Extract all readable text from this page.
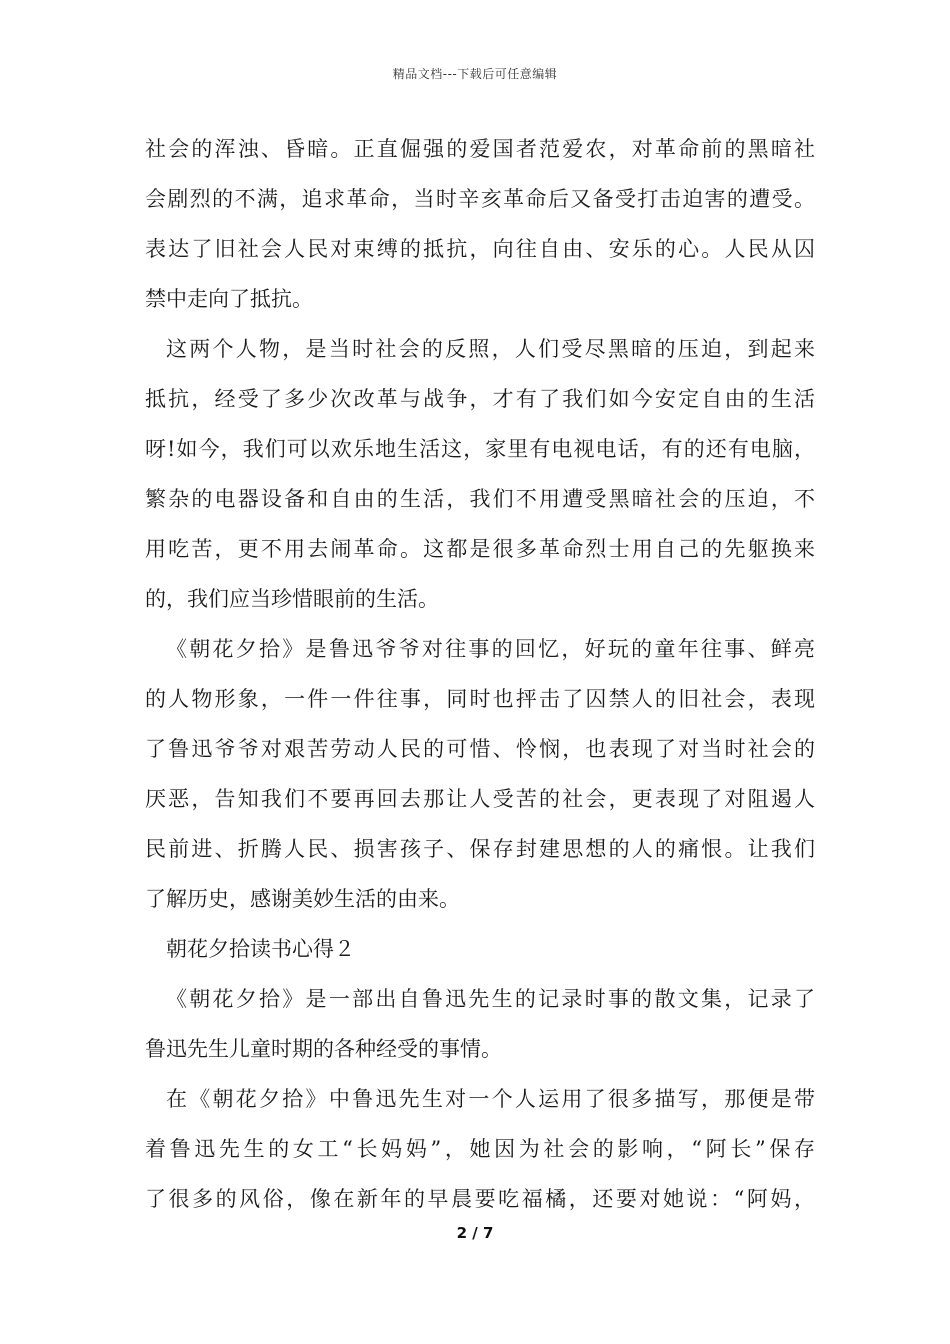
精品文档---下载后可任意编辑
社会的浑浊、昏暗。正直倔强的爱国者范爱农，对革命前的黑暗社
会剧烈的不满，追求革命，当时辛亥革命后又备受打击迫害的遭受。
表达了旧社会人民对束缚的抵抗，向往自由、安乐的心。人民从囚
禁中走向了抵抗。
这两个人物，是当时社会的反照，人们受尽黑暗的压迫，到起来
抵抗，经受了多少次改革与战争，才有了我们如今安定自由的生活
呀!如今，我们可以欢乐地生活这，家里有电视电话，有的还有电脑，
繁杂的电器设备和自由的生活，我们不用遭受黑暗社会的压迫，不
用吃苦，更不用去闹革命。这都是很多革命烈士用自己的先躯换来
的，我们应当珍惜眼前的生活。
《朝花夕拾》是鲁迅爷爷对往事的回忆，好玩的童年往事、鲜亮
的人物形象，一件一件往事，同时也抨击了囚禁人的旧社会，表现
了鲁迅爷爷对艰苦劳动人民的可惜、怜悯，也表现了对当时社会的
厌恶，告知我们不要再回去那让人受苦的社会，更表现了对阻遏人
民前进、折腾人民、损害孩子、保存封建思想的人的痛恨。让我们
了解历史，感谢美妙生活的由来。
朝花夕拾读书心得２
《朝花夕拾》是一部出自鲁迅先生的记录时事的散文集，记录了
鲁迅先生儿童时期的各种经受的事情。
在《朝花夕拾》中鲁迅先生对一个人运用了很多描写，那便是带
着鲁迅先生的女工“长妈妈”，她因为社会的影响，“阿长”保存
了很多的风俗，像在新年的早晨要吃福橘，还要对她说：“阿妈，
2 / 7
